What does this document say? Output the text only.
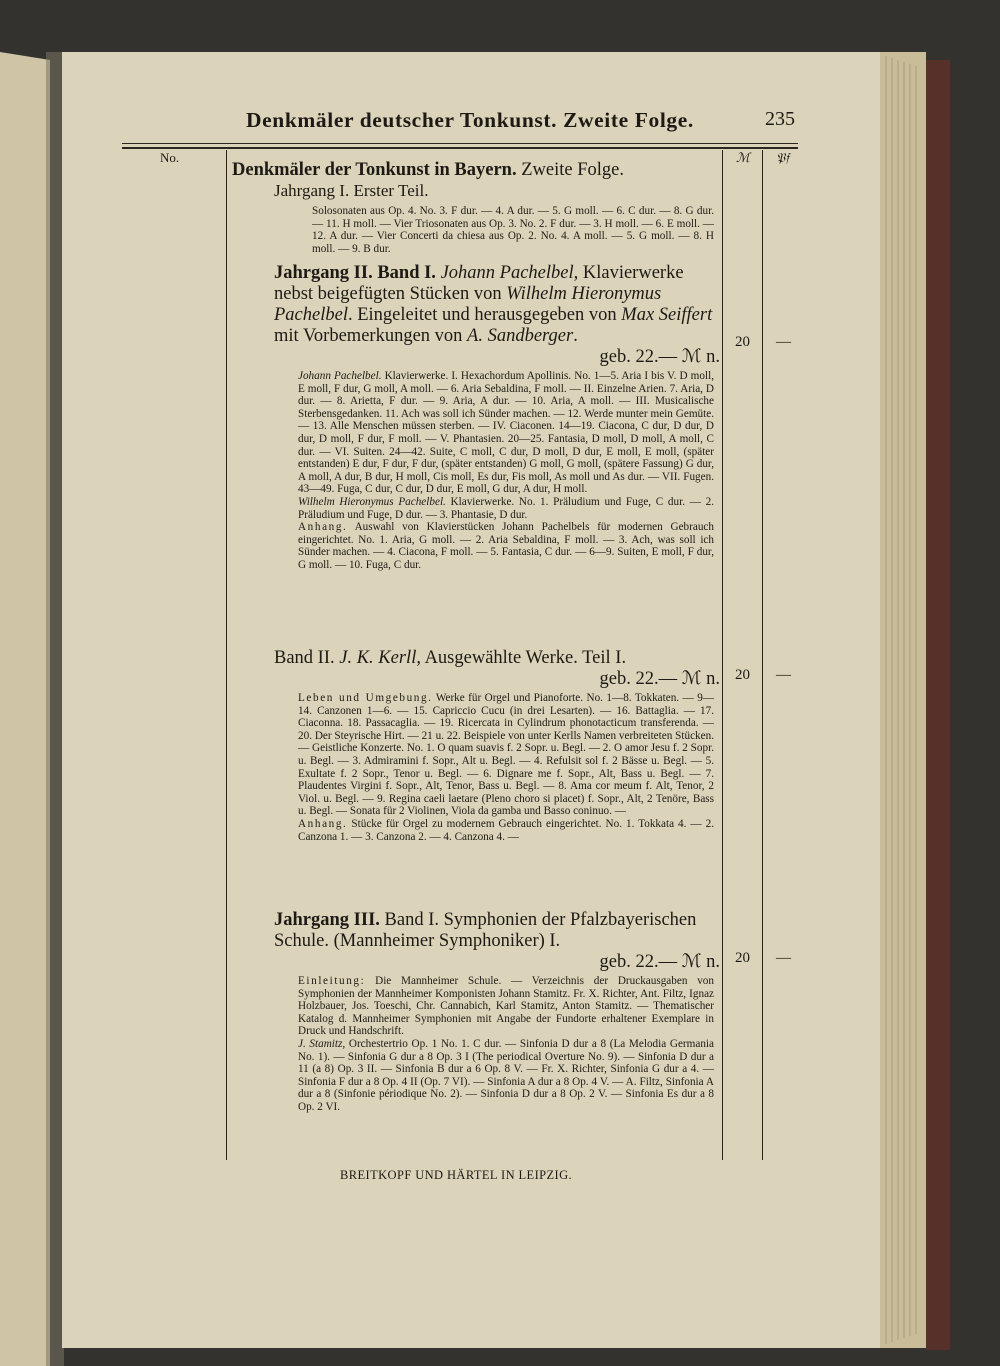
Denkmäler deutscher Tonkunst. Zweite Folge.	235
No.	ℳ 𝔓𝔣
Denkmäler der Tonkunst in Bayern. Zweite Folge.
Jahrgang I. Erster Teil.
Solosonaten aus Op. 4. No. 3. F dur. — 4. A dur. — 5. G moll. — 6. C dur. — 8. G dur. — 11. H moll. — Vier Triosonaten aus Op. 3. No. 2. F dur. — 3. H moll. — 6. E moll. — 12. A dur. — Vier Concerti da chiesa aus Op. 2. No. 4. A moll. — 5. G moll. — 8. H moll. — 9. B dur.
Jahrgang II. Band I. Johann Pachelbel, Klavierwerke nebst beigefügten Stücken von Wilhelm Hieronymus Pachelbel. Eingeleitet und herausgegeben von Max Seiffert mit Vorbemerkungen von A. Sandberger.
geb. 22.— ℳ n.
Johann Pachelbel. Klavierwerke. I. Hexachordum Apollinis. No. 1—5. Aria I bis V. D moll, E moll, F dur, G moll, A moll. — 6. Aria Sebaldina, F moll. — II. Einzelne Arien. 7. Aria, D dur. — 8. Arietta, F dur. — 9. Aria, A dur. — 10. Aria, A moll. — III. Musicalische Sterbensgedanken. 11. Ach was soll ich Sünder machen. — 12. Werde munter mein Gemüte. — 13. Alle Menschen müssen sterben. — IV. Ciaconen. 14—19. Ciacona, C dur, D dur, D dur, D moll, F dur, F moll. — V. Phantasien. 20—25. Fantasia, D moll, D moll, A moll, C dur. — VI. Suiten. 24—42. Suite, C moll, C dur, D moll, D dur, E moll, E moll, (später entstanden) E dur, F dur, F dur, (später entstanden) G moll, G moll, (spätere Fassung) G dur, A moll, A dur, B dur, H moll, Cis moll, Es dur, Fis moll, As moll und As dur. — VII. Fugen. 43—49. Fuga, C dur, C dur, D dur, E moll, G dur, A dur, H moll.
Wilhelm Hieronymus Pachelbel. Klavierwerke. No. 1. Präludium und Fuge, C dur. — 2. Präludium und Fuge, D dur. — 3. Phantasie, D dur.
Anhang. Auswahl von Klavierstücken Johann Pachelbels für modernen Gebrauch eingerichtet. No. 1. Aria, G moll. — 2. Aria Sebaldina, F moll. — 3. Ach, was soll ich Sünder machen. — 4. Ciacona, F moll. — 5. Fantasia, C dur. — 6—9. Suiten, E moll, F dur, G moll. — 10. Fuga, C dur.
20 —
Band II. J. K. Kerll, Ausgewählte Werke. Teil I.
geb. 22.— ℳ n.
Leben und Umgebung. Werke für Orgel und Pianoforte. No. 1—8. Tokkaten. — 9—14. Canzonen 1—6. — 15. Capriccio Cucu (in drei Lesarten). — 16. Battaglia. — 17. Ciaconna. 18. Passacaglia. — 19. Ricercata in Cylindrum phonotacticum transferenda. — 20. Der Steyrische Hirt. — 21 u. 22. Beispiele von unter Kerlls Namen verbreiteten Stücken. — Geistliche Konzerte. No. 1. O quam suavis f. 2 Sopr. u. Begl. — 2. O amor Jesu f. 2 Sopr. u. Begl. — 3. Admiramini f. Sopr., Alt u. Begl. — 4. Refulsit sol f. 2 Bässe u. Begl. — 5. Exultate f. 2 Sopr., Tenor u. Begl. — 6. Dignare me f. Sopr., Alt, Bass u. Begl. — 7. Plaudentes Virgini f. Sopr., Alt, Tenor, Bass u. Begl. — 8. Ama cor meum f. Alt, Tenor, 2 Viol. u. Begl. — 9. Regina caeli laetare (Pleno choro si placet) f. Sopr., Alt, 2 Tenöre, Bass u. Begl. — Sonata für 2 Violinen, Viola da gamba und Basso coninuo. —
Anhang. Stücke für Orgel zu modernem Gebrauch eingerichtet. No. 1. Tokkata 4. — 2. Canzona 1. — 3. Canzona 2. — 4. Canzona 4. —
20 —
Jahrgang III. Band I. Symphonien der Pfalzbayerischen Schule. (Mannheimer Symphoniker) I.
geb. 22.— ℳ n.
Einleitung: Die Mannheimer Schule. — Verzeichnis der Druckausgaben von Symphonien der Mannheimer Komponisten Johann Stamitz. Fr. X. Richter, Ant. Filtz, Ignaz Holzbauer, Jos. Toeschi, Chr. Cannabich, Karl Stamitz, Anton Stamitz. — Thematischer Katalog d. Mannheimer Symphonien mit Angabe der Fundorte erhaltener Exemplare in Druck und Handschrift.
J. Stamitz, Orchestertrio Op. 1 No. 1. C dur. — Sinfonia D dur a 8 (La Melodia Germania No. 1). — Sinfonia G dur a 8 Op. 3 I (The periodical Overture No. 9). — Sinfonia D dur a 11 (a 8) Op. 3 II. — Sinfonia B dur a 6 Op. 8 V. — Fr. X. Richter, Sinfonia G dur a 4. — Sinfonia F dur a 8 Op. 4 II (Op. 7 VI). — Sinfonia A dur a 8 Op. 4 V. — A. Filtz, Sinfonia A dur a 8 (Sinfonie périodique No. 2). — Sinfonia D dur a 8 Op. 2 V. — Sinfonia Es dur a 8 Op. 2 VI.
20 —
BREITKOPF UND HÄRTEL IN LEIPZIG.
